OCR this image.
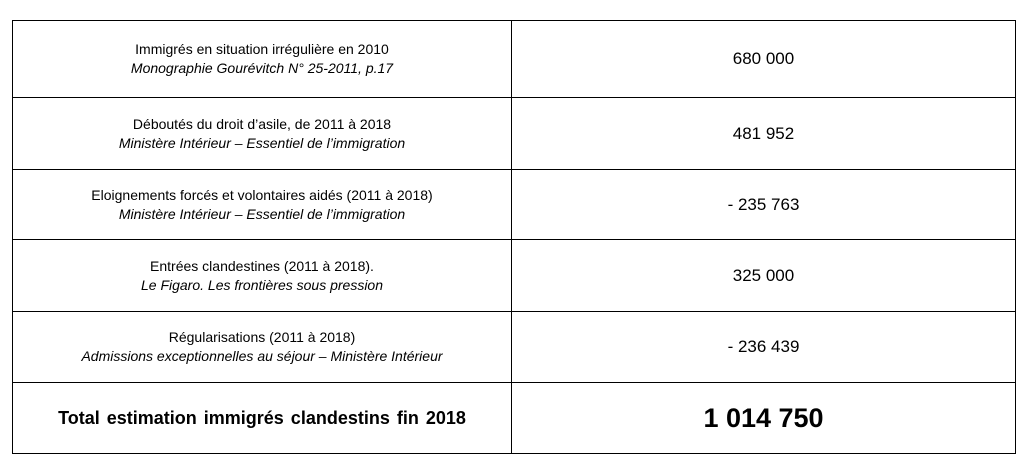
Immigrés en situation irrégulière en 2010
Monographie Gourévitch N° 25-2011, p.17	680 000

Déboutés du droit d’asile, de 2011 à 2018
Ministère Intérieur – Essentiel de l’immigration	481 952

Eloignements forcés et volontaires aidés (2011 à 2018)
Ministère Intérieur – Essentiel de l’immigration	- 235 763

Entrées clandestines (2011 à 2018).
Le Figaro. Les frontières sous pression	325 000

Régularisations (2011 à 2018)
Admissions exceptionnelles au séjour – Ministère Intérieur	- 236 439
Total estimation immigrés clandestins fin 2018	1 014 750
